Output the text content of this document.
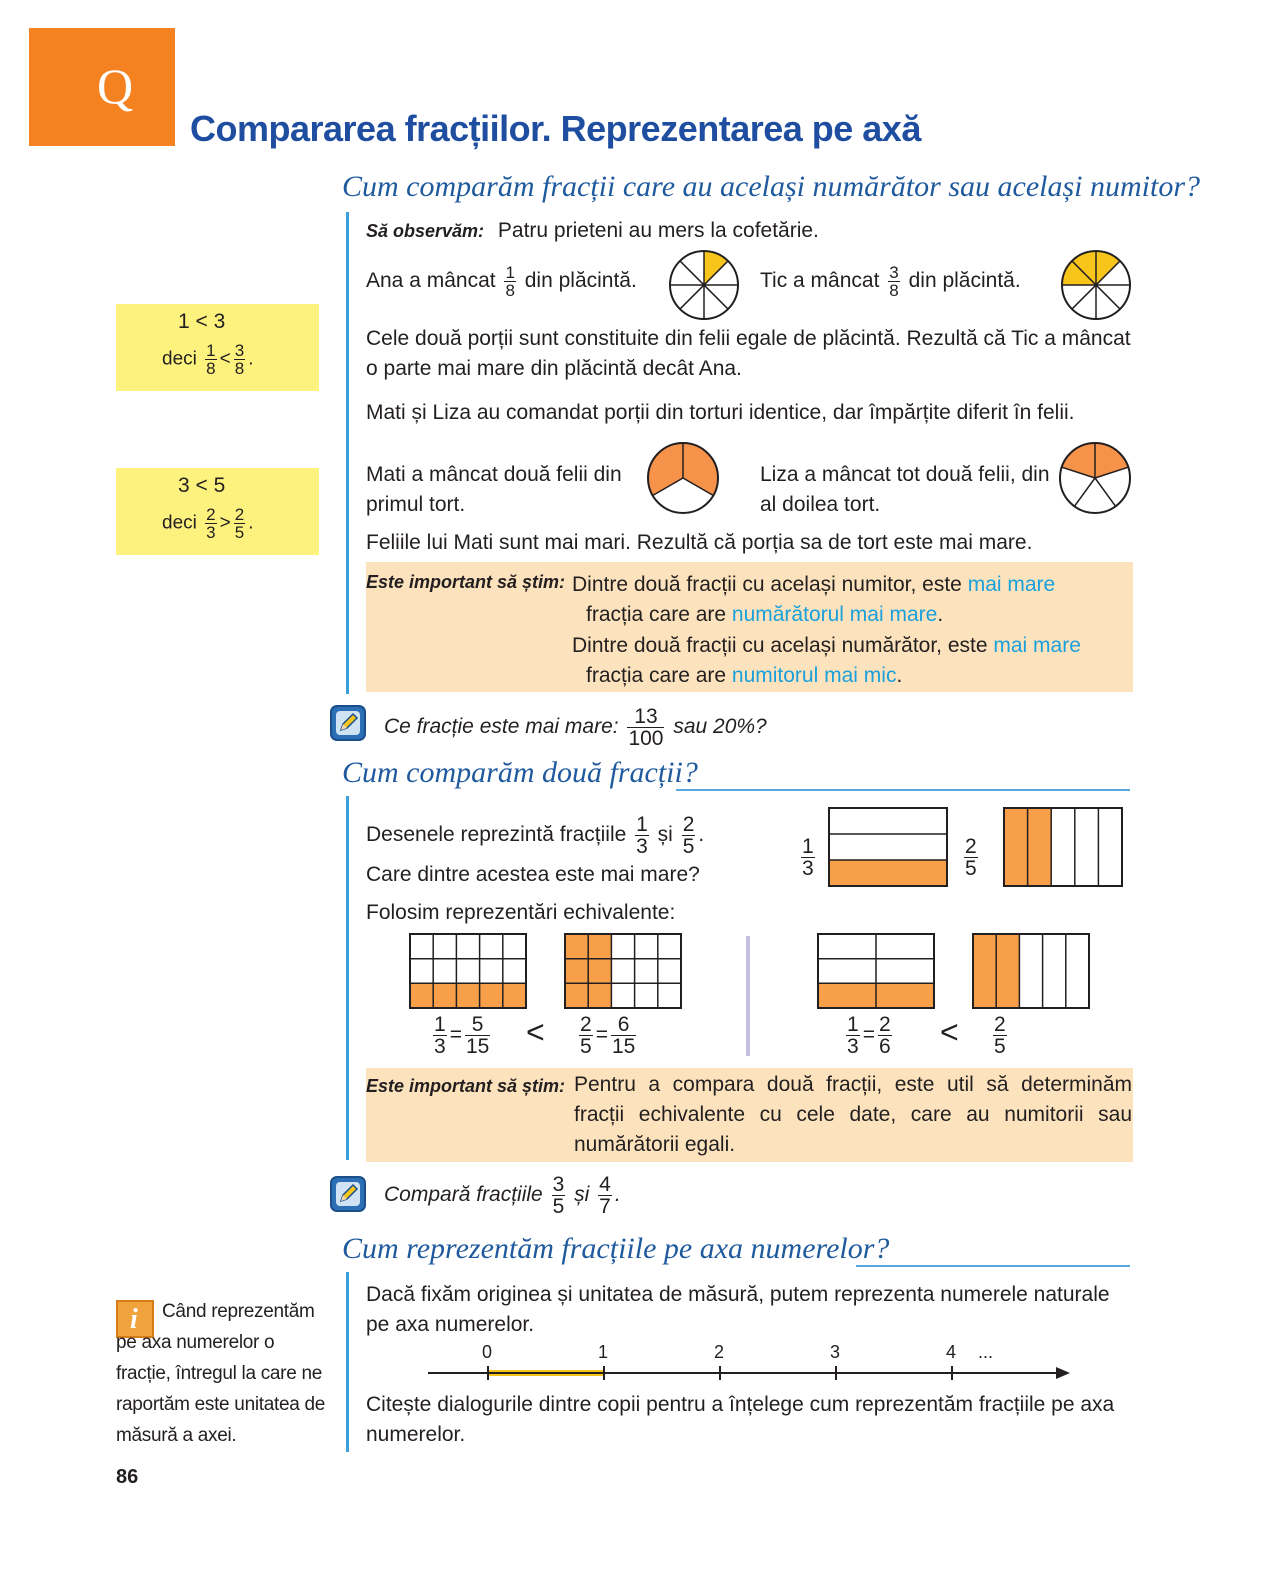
Q
Compararea fracțiilor. Reprezentarea pe axă
Cum comparăm fracții care au același numărător sau același numitor?
Să observăm: Patru prieteni au mers la cofetărie.
Ana a mâncat $\frac{1}{8}$ din plăcintă.	Tic a mâncat $\frac{3}{8}$ din plăcintă.
Cele două porții sunt constituite din felii egale de plăcintă. Rezultă că Tic a mâncat o parte mai mare din plăcintă decât Ana.
Mati și Liza au comandat porții din torturi identice, dar împărțite diferit în felii.
Mati a mâncat două felii din primul tort.
Liza a mâncat tot două felii, din al doilea tort.
Feliile lui Mati sunt mai mari. Rezultă că porția sa de tort este mai mare.
Este important să știm: Dintre două fracții cu același numitor, este mai mare
fracția care are numărătorul mai mare.
Dintre două fracții cu același numărător, este mai mare
fracția care are numitorul mai mic.
1 < 3
deci $\frac{1}{8} < \frac{3}{8}$ .
3 < 5
deci $\frac{2}{3} > \frac{2}{5}$ .
Ce fracție este mai mare: $\frac{13}{100}$ sau 20%?
Cum comparăm două fracții?
Desenele reprezintă fracțiile $\frac{1}{3}$ și $\frac{2}{5}$ .
Care dintre acestea este mai mare?
Folosim reprezentări echivalente:
$\frac{1}{3}$	$\frac{2}{5}$
$\frac{1}{3} = \frac{5}{15} < \frac{2}{5} = \frac{6}{15}$	$\frac{1}{3} = \frac{2}{6} < \frac{2}{5}$
Este important să știm: Pentru a compara două fracții, este util să determinăm fracții echivalente cu cele date, care au numitorii sau numărătorii egali.
Compară fracțiile $\frac{3}{5}$ și $\frac{4}{7}$ .
Cum reprezentăm fracțiile pe axa numerelor?
Dacă fixăm originea și unitatea de măsură, putem reprezenta numerele naturale pe axa numerelor.
0	1	2	3	4 ...
Citește dialogurile dintre copii pentru a înțelege cum reprezentăm fracțiile pe axa numerelor.
i	Când reprezentăm pe axa numerelor o fracție, întregul la care ne raportăm este unitatea de măsură a axei.
86
